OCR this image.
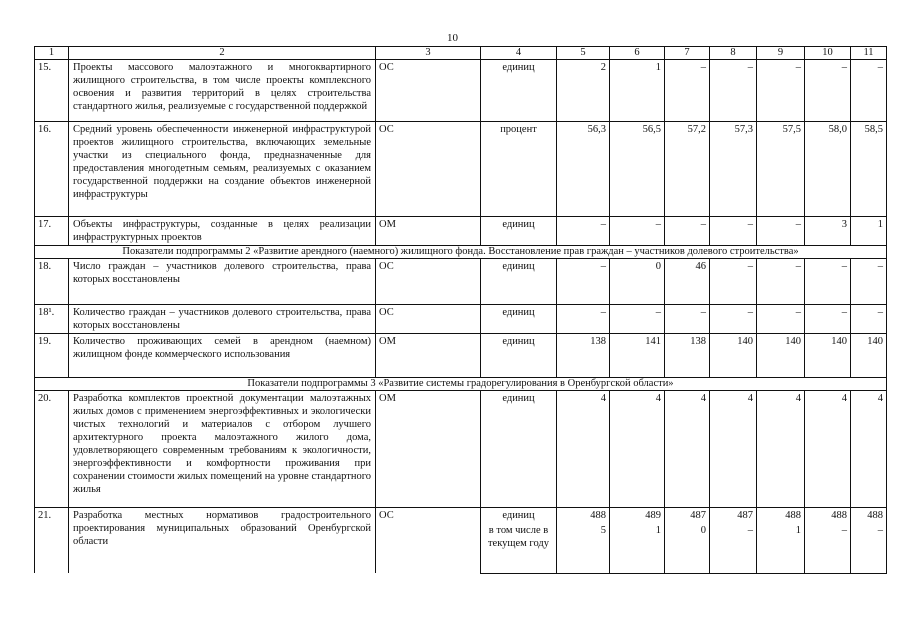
10
1	2	3	4	5	6	7	8	9	10	11
15.	Проекты массового малоэтажного и многоквартирного жилищного строительства, в том числе проекты комплексного освоения и развития территорий в целях строительства стандартного жилья, реализуемые с государственной поддержкой	ОС	единиц	2	1	–	–	–	–	–
16.	Средний уровень обеспеченности инженерной инфраструктурой проектов жилищного строительства, включающих земельные участки из специального фонда, предназначенные для предоставления многодетным семьям, реализуемых с оказанием государственной поддержки на создание объектов инженерной инфраструктуры	ОС	процент	56,3	56,5	57,2	57,3	57,5	58,0	58,5
17.	Объекты инфраструктуры, созданные в целях реализации инфраструктурных проектов	ОМ	единиц	–	–	–	–	–	3	1
Показатели подпрограммы 2 «Развитие арендного (наемного) жилищного фонда. Восстановление прав граждан – участников долевого строительства»										
18.	Число граждан – участников долевого строительства, права которых восстановлены	ОС	единиц	–	0	46	–	–	–	–
18¹.	Количество граждан – участников долевого строительства, права которых восстановлены	ОС	единиц	–	–	–	–	–	–	–
19.	Количество проживающих семей в арендном (наемном) жилищном фонде коммерческого использования	ОМ	единиц	138	141	138	140	140	140	140
Показатели подпрограммы 3 «Развитие системы градорегулирования в Оренбургской области»										
20.	Разработка комплектов проектной документации малоэтажных жилых домов с применением энергоэффективных и экологически чистых технологий и материалов с отбором лучшего архитектурного проекта малоэтажного жилого дома, удовлетворяющего современным требованиям к экологичности, энергоэффективности и комфортности проживания при сохранении стоимости жилых помещений на уровне стандартного жилья	ОМ	единиц	4	4	4	4	4	4	4
21.	Разработка местных нормативов градостроительного проектирования муниципальных образований Оренбургской области	ОС	единиц	488	489	487	487	488	488	488
			в том числе в текущем году	5	1	0	–	1	–	–
